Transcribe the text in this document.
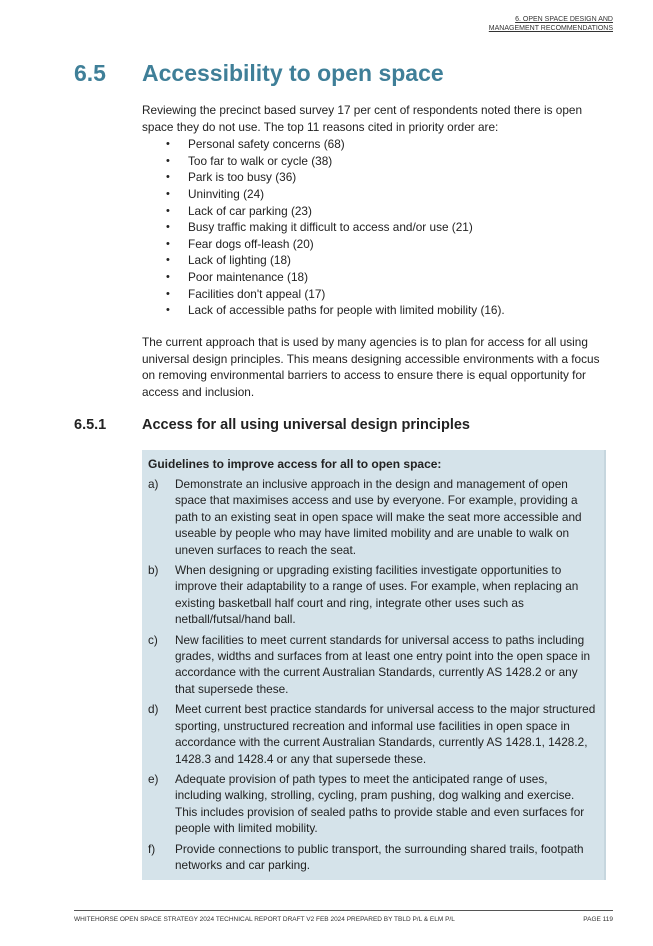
6. OPEN SPACE DESIGN AND
MANAGEMENT RECOMMENDATIONS
6.5 Accessibility to open space
Reviewing the precinct based survey 17 per cent of respondents noted there is open space they do not use. The top 11 reasons cited in priority order are:
• Personal safety concerns (68)
• Too far to walk or cycle (38)
• Park is too busy (36)
• Uninviting (24)
• Lack of car parking (23)
• Busy traffic making it difficult to access and/or use (21)
• Fear dogs off-leash (20)
• Lack of lighting (18)
• Poor maintenance (18)
• Facilities don't appeal (17)
• Lack of accessible paths for people with limited mobility (16).
The current approach that is used by many agencies is to plan for access for all using universal design principles. This means designing accessible environments with a focus on removing environmental barriers to access to ensure there is equal opportunity for access and inclusion.
6.5.1 Access for all using universal design principles
Guidelines to improve access for all to open space:
a) Demonstrate an inclusive approach in the design and management of open space that maximises access and use by everyone. For example, providing a path to an existing seat in open space will make the seat more accessible and useable by people who may have limited mobility and are unable to walk on uneven surfaces to reach the seat.
b) When designing or upgrading existing facilities investigate opportunities to improve their adaptability to a range of uses. For example, when replacing an existing basketball half court and ring, integrate other uses such as netball/futsal/hand ball.
c) New facilities to meet current standards for universal access to paths including grades, widths and surfaces from at least one entry point into the open space in accordance with the current Australian Standards, currently AS 1428.2 or any that supersede these.
d) Meet current best practice standards for universal access to the major structured sporting, unstructured recreation and informal use facilities in open space in accordance with the current Australian Standards, currently AS 1428.1, 1428.2, 1428.3 and 1428.4 or any that supersede these.
e) Adequate provision of path types to meet the anticipated range of uses, including walking, strolling, cycling, pram pushing, dog walking and exercise. This includes provision of sealed paths to provide stable and even surfaces for people with limited mobility.
f) Provide connections to public transport, the surrounding shared trails, footpath networks and car parking.
WHITEHORSE OPEN SPACE STRATEGY 2024 TECHNICAL REPORT DRAFT V2 FEB 2024 PREPARED BY TBLD P/L & ELM P/L	PAGE 119
